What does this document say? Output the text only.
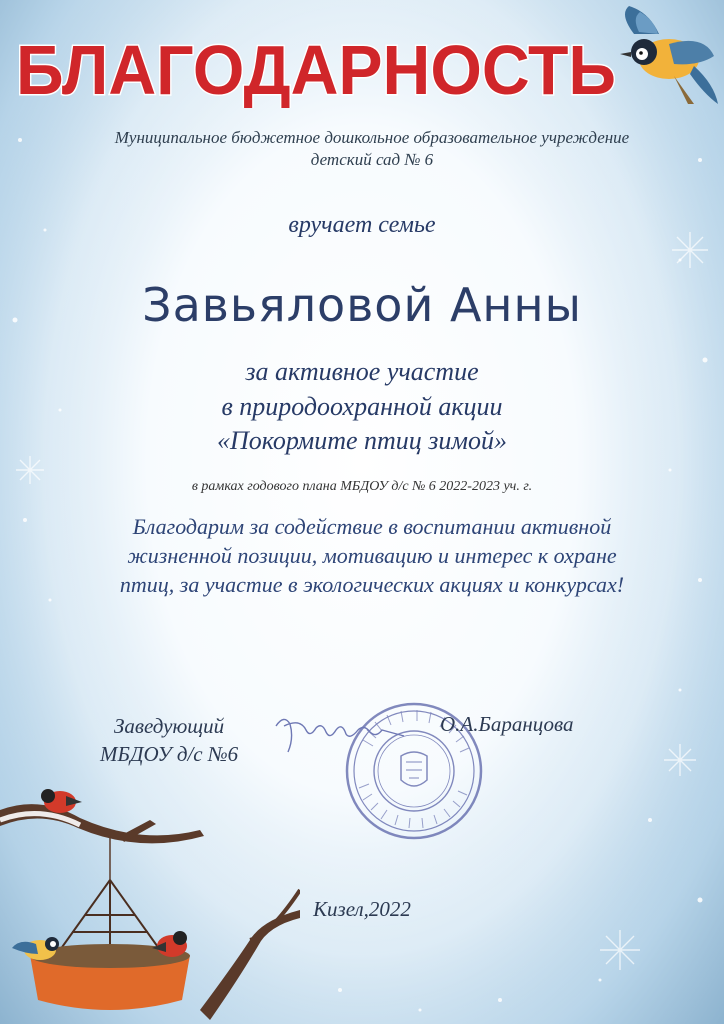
БЛАГОДАРНОСТЬ

Муниципальное бюджетное дошкольное образовательное учреждение

детский сад № 6

вручает семье

Завьяловой Анны

за активное участие

в природоохранной акции

«Покормите птиц зимой»

в рамках годового плана МБДОУ д/с № 6 2022-2023 уч. г.

Благодарим за содействие в воспитании активной
жизненной позиции, мотивацию и интерес к охране
птиц, за участие в экологических акциях и конкурсах!
Заведующий
МБДОУ д/с №6
О.А.Баранцова

Кизел,2022
